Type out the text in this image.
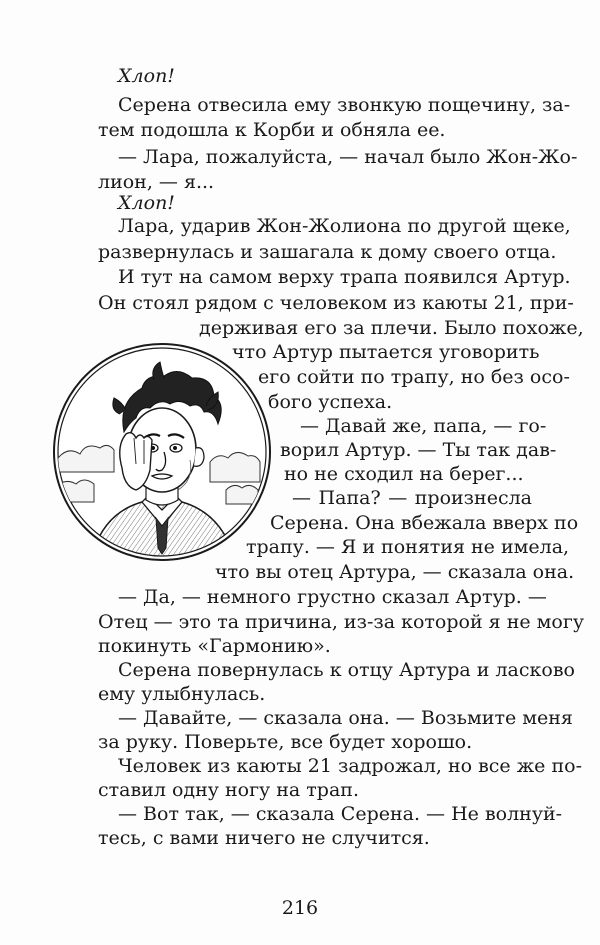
Хлоп!
Серена отвесила ему звонкую пощечину, за-
тем подошла к Корби и обняла ее.
— Лара, пожалуйста, — начал было Жон-Жо-
лион, — я...
Хлоп!
Лара, ударив Жон-Жолиона по другой щеке,
развернулась и зашагала к дому своего отца.
И тут на самом верху трапа появился Артур.
Он стоял рядом с человеком из каюты 21, при-
держивая его за плечи. Было похоже,
что Артур пытается уговорить
его сойти по трапу, но без осо-
бого успеха.
— Давай же, папа, — го-
ворил Артур. — Ты так дав-
но не сходил на берег...
— Папа? — произнесла
Серена. Она вбежала вверх по
трапу. — Я и понятия не имела,
что вы отец Артура, — сказала она.
— Да, — немного грустно сказал Артур. —
Отец — это та причина, из-за которой я не могу
покинуть «Гармонию».
Серена повернулась к отцу Артура и ласково
ему улыбнулась.
— Давайте, — сказала она. — Возьмите меня
за руку. Поверьте, все будет хорошо.
Человек из каюты 21 задрожал, но все же по-
ставил одну ногу на трап.
— Вот так, — сказала Серена. — Не волнуй-
тесь, с вами ничего не случится.
216
